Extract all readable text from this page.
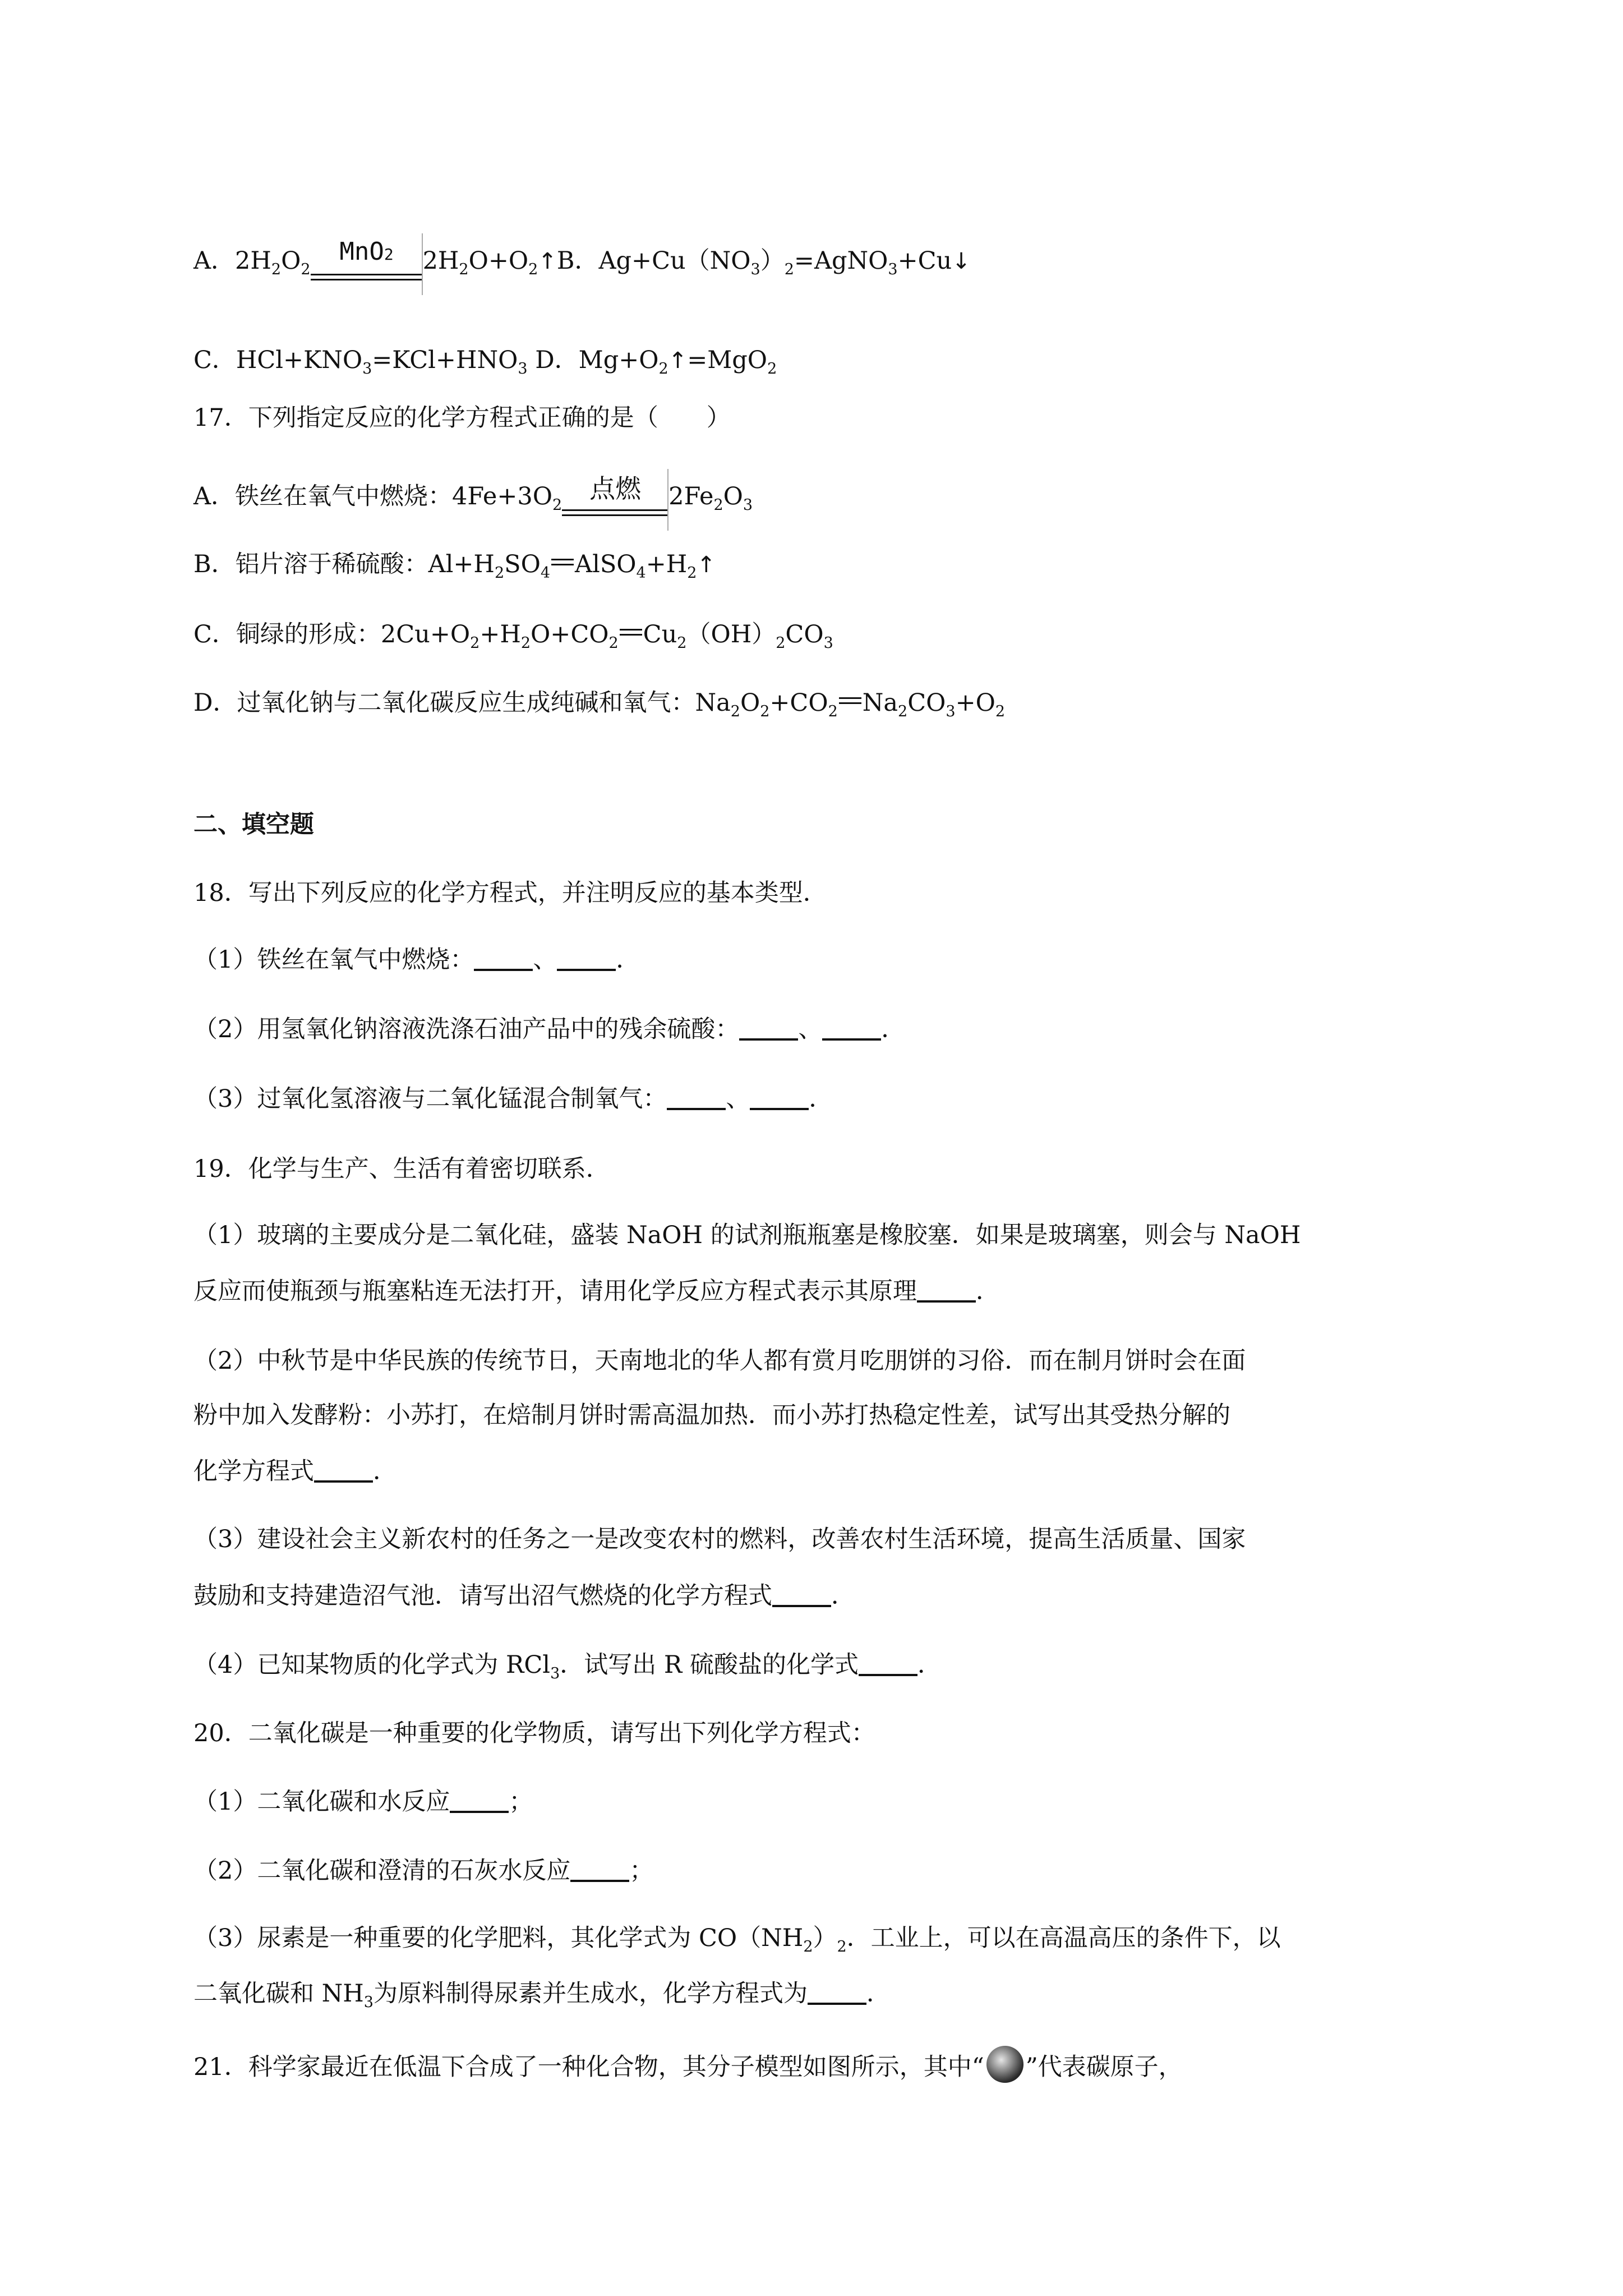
A．$2H_2O_2$
MnO2	$2H_2O+O_2↑B$．$Ag+Cu(NO_3)_2=AgNO_3+Cu↓$
C．$HCl+KNO_3=KCl+HNO_3$ D．$Mg+O_2↑=MgO_2$
17．下列指定反应的化学方程式正确的是（　　）
A．铁丝在氧气中燃烧：$4Fe+3O_2$
点燃	$2Fe_2O_3$
B．铝片溶于稀硫酸：$Al+H_2SO_4$ $AlSO_4+H_2↑$
C．铜绿的形成：$2Cu+O_2+H_2O+CO_2$ $Cu_2(OH)_2CO_3$
D．过氧化钠与二氧化碳反应生成纯碱和氧气：$Na_2O_2+CO_2$ $Na_2CO_3+O_2$
二、填空题
18．写出下列反应的化学方程式，并注明反应的基本类型．
（1）铁丝在氧气中燃烧： 、 ．
（2）用氢氧化钠溶液洗涤石油产品中的残余硫酸： 、 ．
（3）过氧化氢溶液与二氧化锰混合制氧气： 、 ．
19．化学与生产、生活有着密切联系．
（1）玻璃的主要成分是二氧化硅，盛装 NaOH 的试剂瓶瓶塞是橡胶塞．如果是玻璃塞，则会与 NaOH
反应而使瓶颈与瓶塞粘连无法打开，请用化学反应方程式表示其原理 ．
（2）中秋节是中华民族的传统节日，天南地北的华人都有赏月吃朋饼的习俗．而在制月饼时会在面
粉中加入发酵粉：小苏打，在焙制月饼时需高温加热．而小苏打热稳定性差，试写出其受热分解的
化学方程式 ．
（3）建设社会主义新农村的任务之一是改变农村的燃料，改善农村生活环境，提高生活质量、国家
鼓励和支持建造沼气池．请写出沼气燃烧的化学方程式 ．
（4）已知某物质的化学式为 RCl$_3$．试写出 R 硫酸盐的化学式 ．
20．二氧化碳是一种重要的化学物质，请写出下列化学方程式：
（1）二氧化碳和水反应 ；
（2）二氧化碳和澄清的石灰水反应 ；
（3）尿素是一种重要的化学肥料，其化学式为 $CO(NH_2)_2$．工业上，可以在高温高压的条件下，以
二氧化碳和 $NH_3$为原料制得尿素并生成水，化学方程式为 ．
21．科学家最近在低温下合成了一种化合物，其分子模型如图所示，其中“ ”代表碳原子，
